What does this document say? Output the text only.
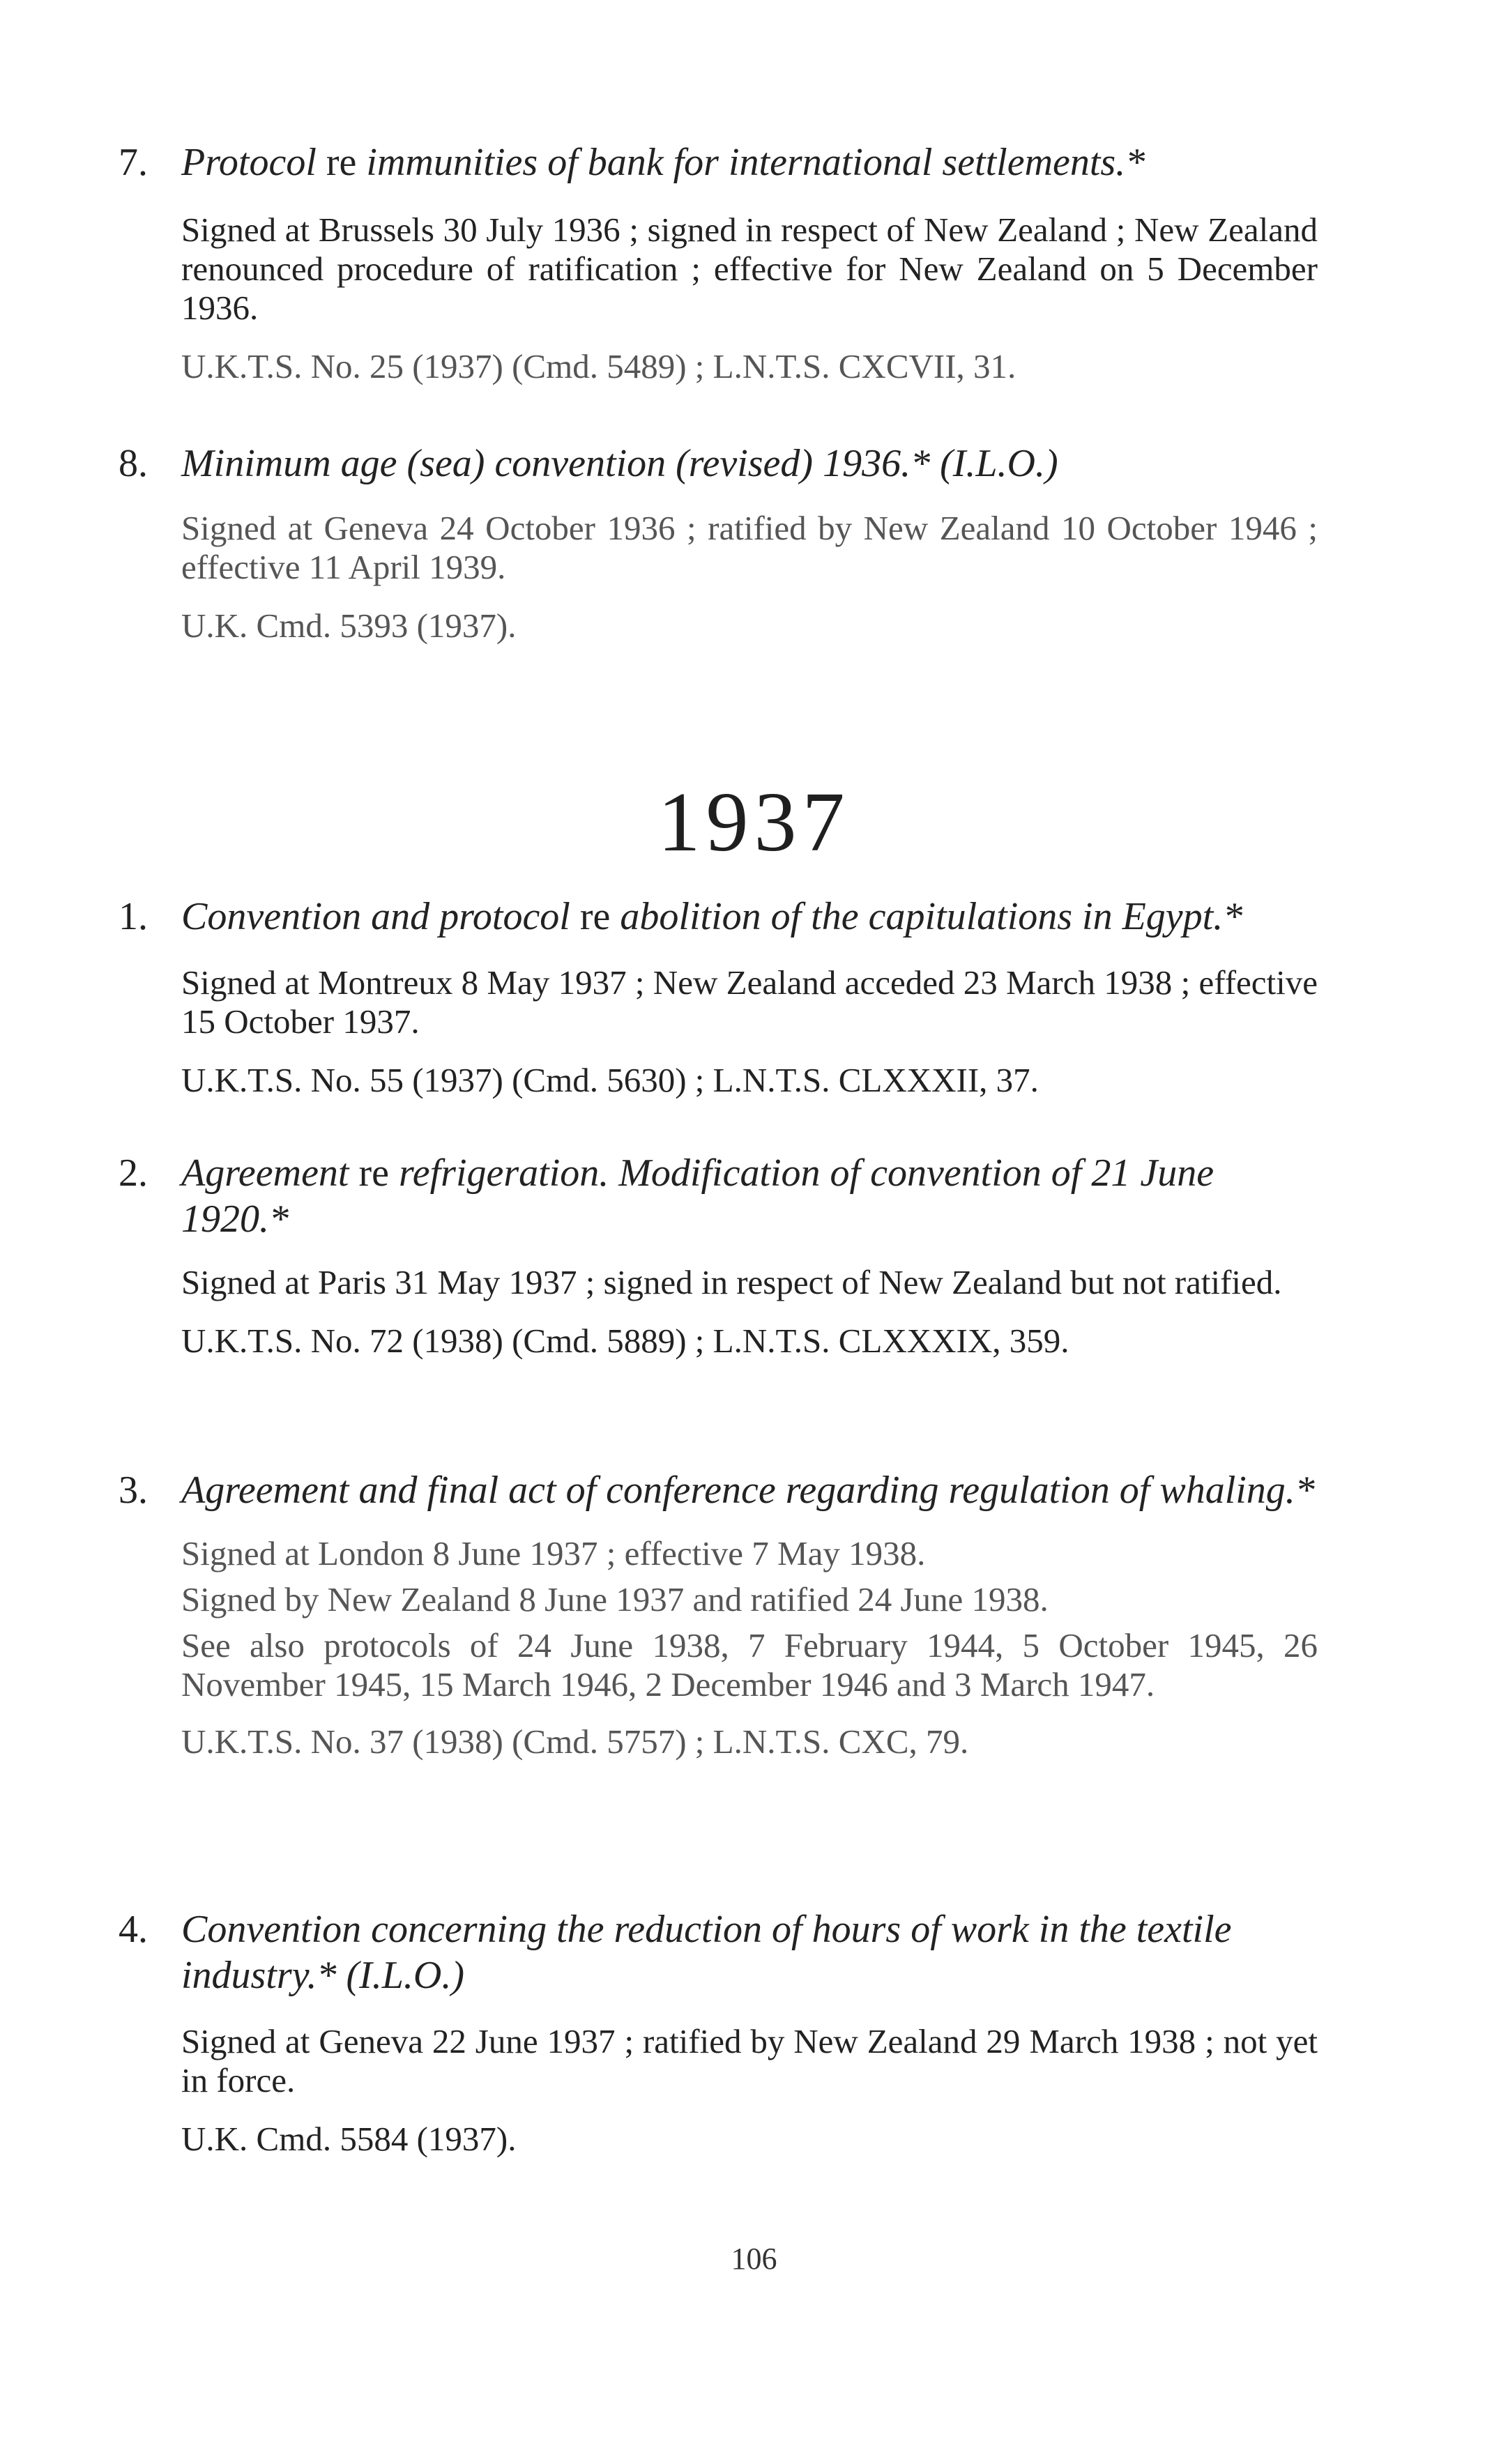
7. Protocol re immunities of bank for international settlements.*
Signed at Brussels 30 July 1936 ; signed in respect of New Zealand ; New Zealand renounced procedure of ratification ; effective for New Zealand on 5 December 1936.
U.K.T.S. No. 25 (1937) (Cmd. 5489) ; L.N.T.S. CXCVII, 31.
8. Minimum age (sea) convention (revised) 1936.* (I.L.O.)
Signed at Geneva 24 October 1936 ; ratified by New Zealand 10 October 1946 ; effective 11 April 1939.
U.K. Cmd. 5393 (1937).
1937
1. Convention and protocol re abolition of the capitulations in Egypt.*
Signed at Montreux 8 May 1937 ; New Zealand acceded 23 March 1938 ; effective 15 October 1937.
U.K.T.S. No. 55 (1937) (Cmd. 5630) ; L.N.T.S. CLXXXII, 37.
2. Agreement re refrigeration. Modification of convention of 21 June 1920.*
Signed at Paris 31 May 1937 ; signed in respect of New Zealand but not ratified.
U.K.T.S. No. 72 (1938) (Cmd. 5889) ; L.N.T.S. CLXXXIX, 359.
3. Agreement and final act of conference regarding regulation of whaling.*
Signed at London 8 June 1937 ; effective 7 May 1938.
Signed by New Zealand 8 June 1937 and ratified 24 June 1938.
See also protocols of 24 June 1938, 7 February 1944, 5 October 1945, 26 November 1945, 15 March 1946, 2 December 1946 and 3 March 1947.
U.K.T.S. No. 37 (1938) (Cmd. 5757) ; L.N.T.S. CXC, 79.
4. Convention concerning the reduction of hours of work in the textile industry.* (I.L.O.)
Signed at Geneva 22 June 1937 ; ratified by New Zealand 29 March 1938 ; not yet in force.
U.K. Cmd. 5584 (1937).
106
